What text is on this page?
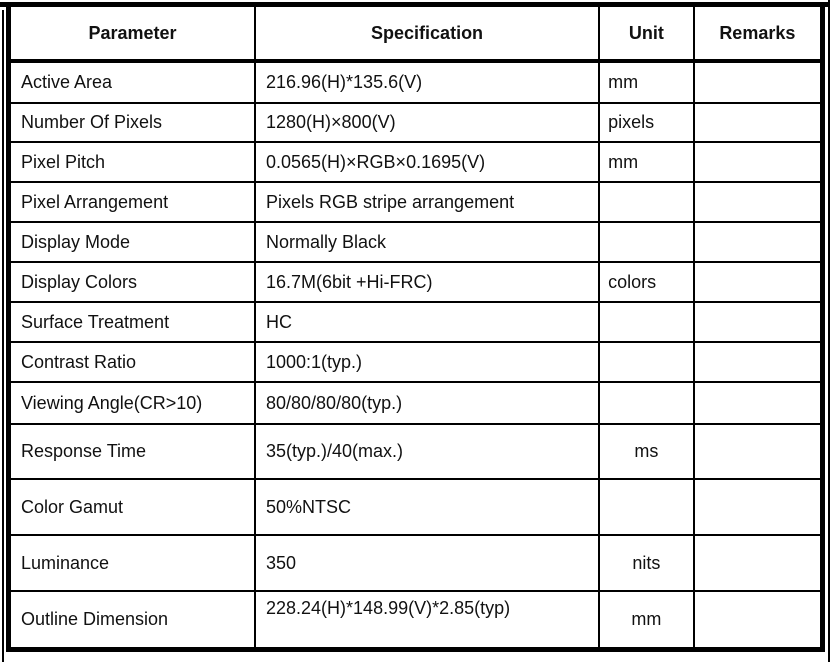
Parameter	Specification	Unit	Remarks
Active Area	216.96(H)*135.6(V)	mm	
Number Of Pixels	1280(H)×800(V)	pixels	
Pixel Pitch	0.0565(H)×RGB×0.1695(V)	mm	
Pixel Arrangement	Pixels RGB stripe arrangement		
Display Mode	Normally Black		
Display Colors	16.7M(6bit +Hi-FRC)	colors	
Surface Treatment	HC		
Contrast Ratio	1000:1(typ.)		
Viewing Angle(CR>10)	80/80/80/80(typ.)		
Response Time	35(typ.)/40(max.)	ms	
Color Gamut	50%NTSC		
Luminance	350	nits	
Outline Dimension	228.24(H)*148.99(V)*2.85(typ)	mm	
